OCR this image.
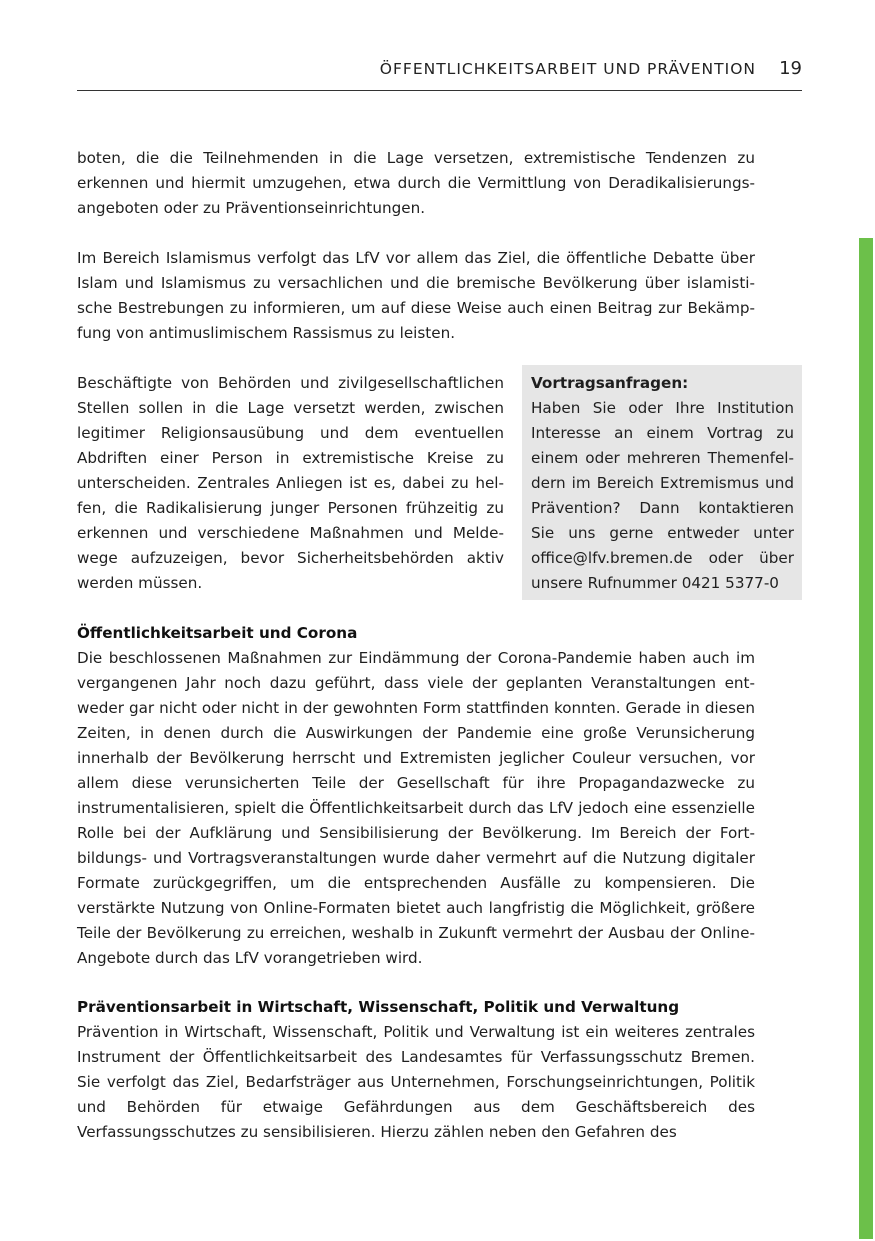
ÖFFENTLICHKEITSARBEIT UND PRÄVENTION 19

boten, die die Teilnehmenden in die Lage versetzen, extremistische Tendenzen zu erkennen und hiermit umzugehen, etwa durch die Vermittlung von Deradikalisierungsangeboten oder zu Präventionseinrichtungen.

Im Bereich Islamismus verfolgt das LfV vor allem das Ziel, die öffentliche Debatte über Islam und Islamismus zu versachlichen und die bremische Bevölkerung über islamistische Bestrebungen zu informieren, um auf diese Weise auch einen Beitrag zur Bekämpfung von antimuslimischem Rassismus zu leisten.

Beschäftigte von Behörden und zivilgesellschaftlichen Stellen sollen in die Lage versetzt werden, zwischen legitimer Religionsausübung und dem eventuellen Abdriften einer Person in extremistische Kreise zu unterscheiden. Zentrales Anliegen ist es, dabei zu helfen, die Radikalisierung junger Personen frühzeitig zu erkennen und verschiedene Maßnahmen und Meldewege aufzuzeigen, bevor Sicherheitsbehörden aktiv werden müssen.

Vortragsanfragen:

Haben Sie oder Ihre Institution Interesse an einem Vortrag zu einem oder mehreren Themenfeldern im Bereich Extremismus und Prävention? Dann kontaktieren Sie uns gerne entweder unter office@lfv.bremen.de oder über unsere Rufnummer 0421 5377-0

Öffentlichkeitsarbeit und Corona

Die beschlossenen Maßnahmen zur Eindämmung der Corona-Pandemie haben auch im vergangenen Jahr noch dazu geführt, dass viele der geplanten Veranstaltungen entweder gar nicht oder nicht in der gewohnten Form stattfinden konnten. Gerade in diesen Zeiten, in denen durch die Auswirkungen der Pandemie eine große Verunsicherung innerhalb der Bevölkerung herrscht und Extremisten jeglicher Couleur versuchen, vor allem diese verunsicherten Teile der Gesellschaft für ihre Propagandazwecke zu instrumentalisieren, spielt die Öffentlichkeitsarbeit durch das LfV jedoch eine essenzielle Rolle bei der Aufklärung und Sensibilisierung der Bevölkerung. Im Bereich der Fortbildungs- und Vortragsveranstaltungen wurde daher vermehrt auf die Nutzung digitaler Formate zurückgegriffen, um die entsprechenden Ausfälle zu kompensieren. Die verstärkte Nutzung von Online-Formaten bietet auch langfristig die Möglichkeit, größere Teile der Bevölkerung zu erreichen, weshalb in Zukunft vermehrt der Ausbau der Online-Angebote durch das LfV vorangetrieben wird.

Präventionsarbeit in Wirtschaft, Wissenschaft, Politik und Verwaltung

Prävention in Wirtschaft, Wissenschaft, Politik und Verwaltung ist ein weiteres zentrales Instrument der Öffentlichkeitsarbeit des Landesamtes für Verfassungsschutz Bremen. Sie verfolgt das Ziel, Bedarfsträger aus Unternehmen, Forschungseinrichtungen, Politik und Behörden für etwaige Gefährdungen aus dem Geschäftsbereich des Verfassungsschutzes zu sensibilisieren. Hierzu zählen neben den Gefahren des
